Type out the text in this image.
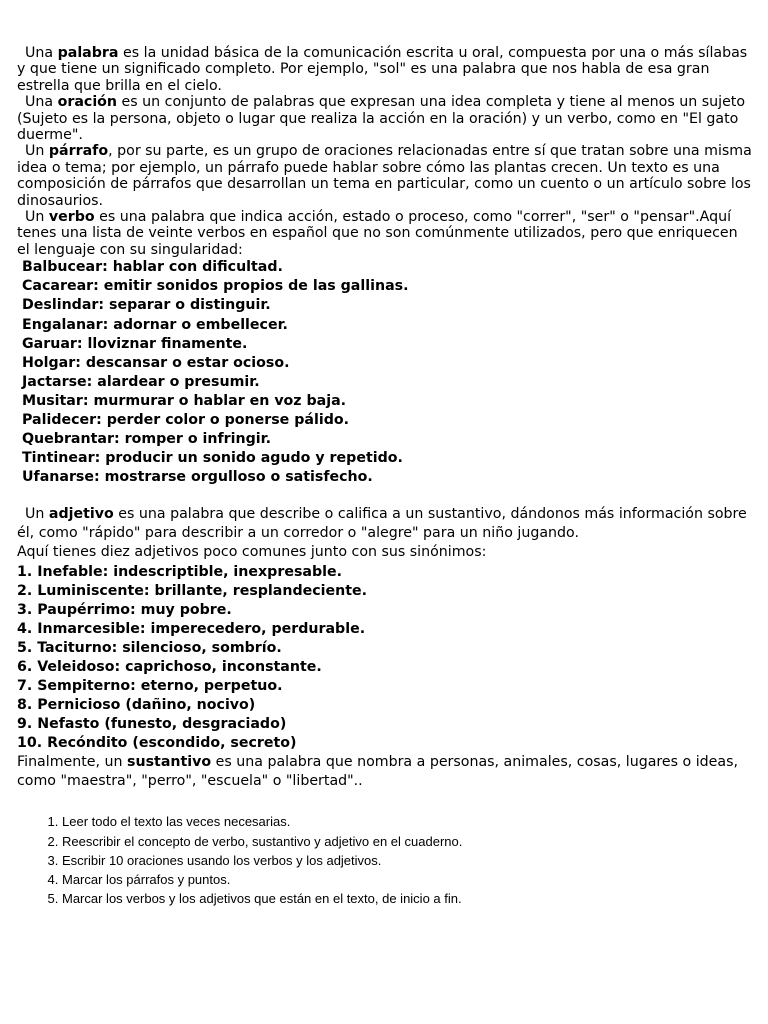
Una palabra es la unidad básica de la comunicación escrita u oral, compuesta por una o más sílabas y que tiene un significado completo. Por ejemplo, "sol" es una palabra que nos habla de esa gran estrella que brilla en el cielo.

Una oración es un conjunto de palabras que expresan una idea completa y tiene al menos un sujeto (Sujeto es la persona, objeto o lugar que realiza la acción en la oración) y un verbo, como en "El gato duerme".

Un párrafo, por su parte, es un grupo de oraciones relacionadas entre sí que tratan sobre una misma idea o tema; por ejemplo, un párrafo puede hablar sobre cómo las plantas crecen. Un texto es una composición de párrafos que desarrollan un tema en particular, como un cuento o un artículo sobre los dinosaurios.

Un verbo es una palabra que indica acción, estado o proceso, como "correr", "ser" o "pensar".Aquí tenes una lista de veinte verbos en español que no son comúnmente utilizados, pero que enriquecen el lenguaje con su singularidad:

Balbucear: hablar con dificultad.
Cacarear: emitir sonidos propios de las gallinas.
Deslindar: separar o distinguir.
Engalanar: adornar o embellecer.
Garuar: lloviznar finamente.
Holgar: descansar o estar ocioso.
Jactarse: alardear o presumir.
Musitar: murmurar o hablar en voz baja.
Palidecer: perder color o ponerse pálido.
Quebrantar: romper o infringir.
Tintinear: producir un sonido agudo y repetido.
Ufanarse: mostrarse orgulloso o satisfecho.

Un adjetivo es una palabra que describe o califica a un sustantivo, dándonos más información sobre él, como "rápido" para describir a un corredor o "alegre" para un niño jugando.

Aquí tienes diez adjetivos poco comunes junto con sus sinónimos:

1. Inefable: indescriptible, inexpresable.
2. Luminiscente: brillante, resplandeciente.
3. Paupérrimo: muy pobre.
4. Inmarcesible: imperecedero, perdurable.
5. Taciturno: silencioso, sombrío.
6. Veleidoso: caprichoso, inconstante.
7. Sempiterno: eterno, perpetuo.
8. Pernicioso (dañino, nocivo)
9. Nefasto (funesto, desgraciado)
10. Recóndito (escondido, secreto)

Finalmente, un sustantivo es una palabra que nombra a personas, animales, cosas, lugares o ideas, como "maestra", "perro", "escuela" o "libertad"..

1. Leer todo el texto las veces necesarias.
2. Reescribir el concepto de verbo, sustantivo y adjetivo en el cuaderno.
3. Escribir 10 oraciones usando los verbos y los adjetivos.
4. Marcar los párrafos y puntos.
5. Marcar los verbos y los adjetivos que están en el texto, de inicio a fin.
